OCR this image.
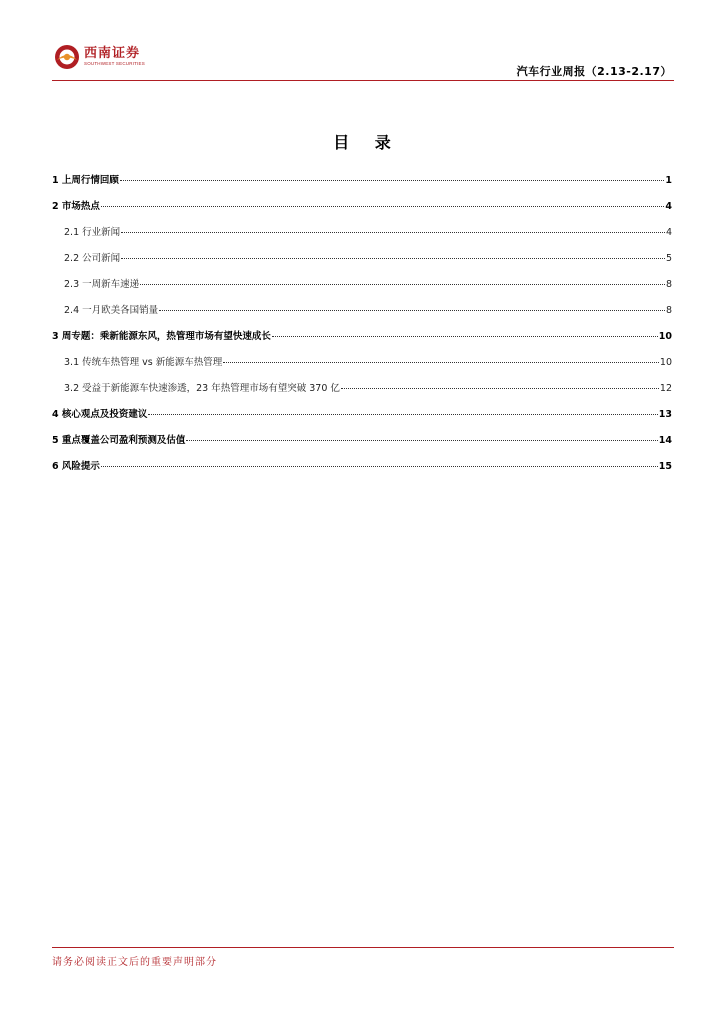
西南证券
SOUTHWEST SECURITIES
汽车行业周报（2.13-2.17）
目 录
1 上周行情回顾	1
2 市场热点	4
2.1 行业新闻	4
2.2 公司新闻	5
2.3 一周新车速递	8
2.4 一月欧美各国销量	8
3 周专题：乘新能源东风，热管理市场有望快速成长	10
3.1 传统车热管理 vs 新能源车热管理	10
3.2 受益于新能源车快速渗透，23 年热管理市场有望突破 370 亿	12
4 核心观点及投资建议	13
5 重点覆盖公司盈利预测及估值	14
6 风险提示	15
请务必阅读正文后的重要声明部分
